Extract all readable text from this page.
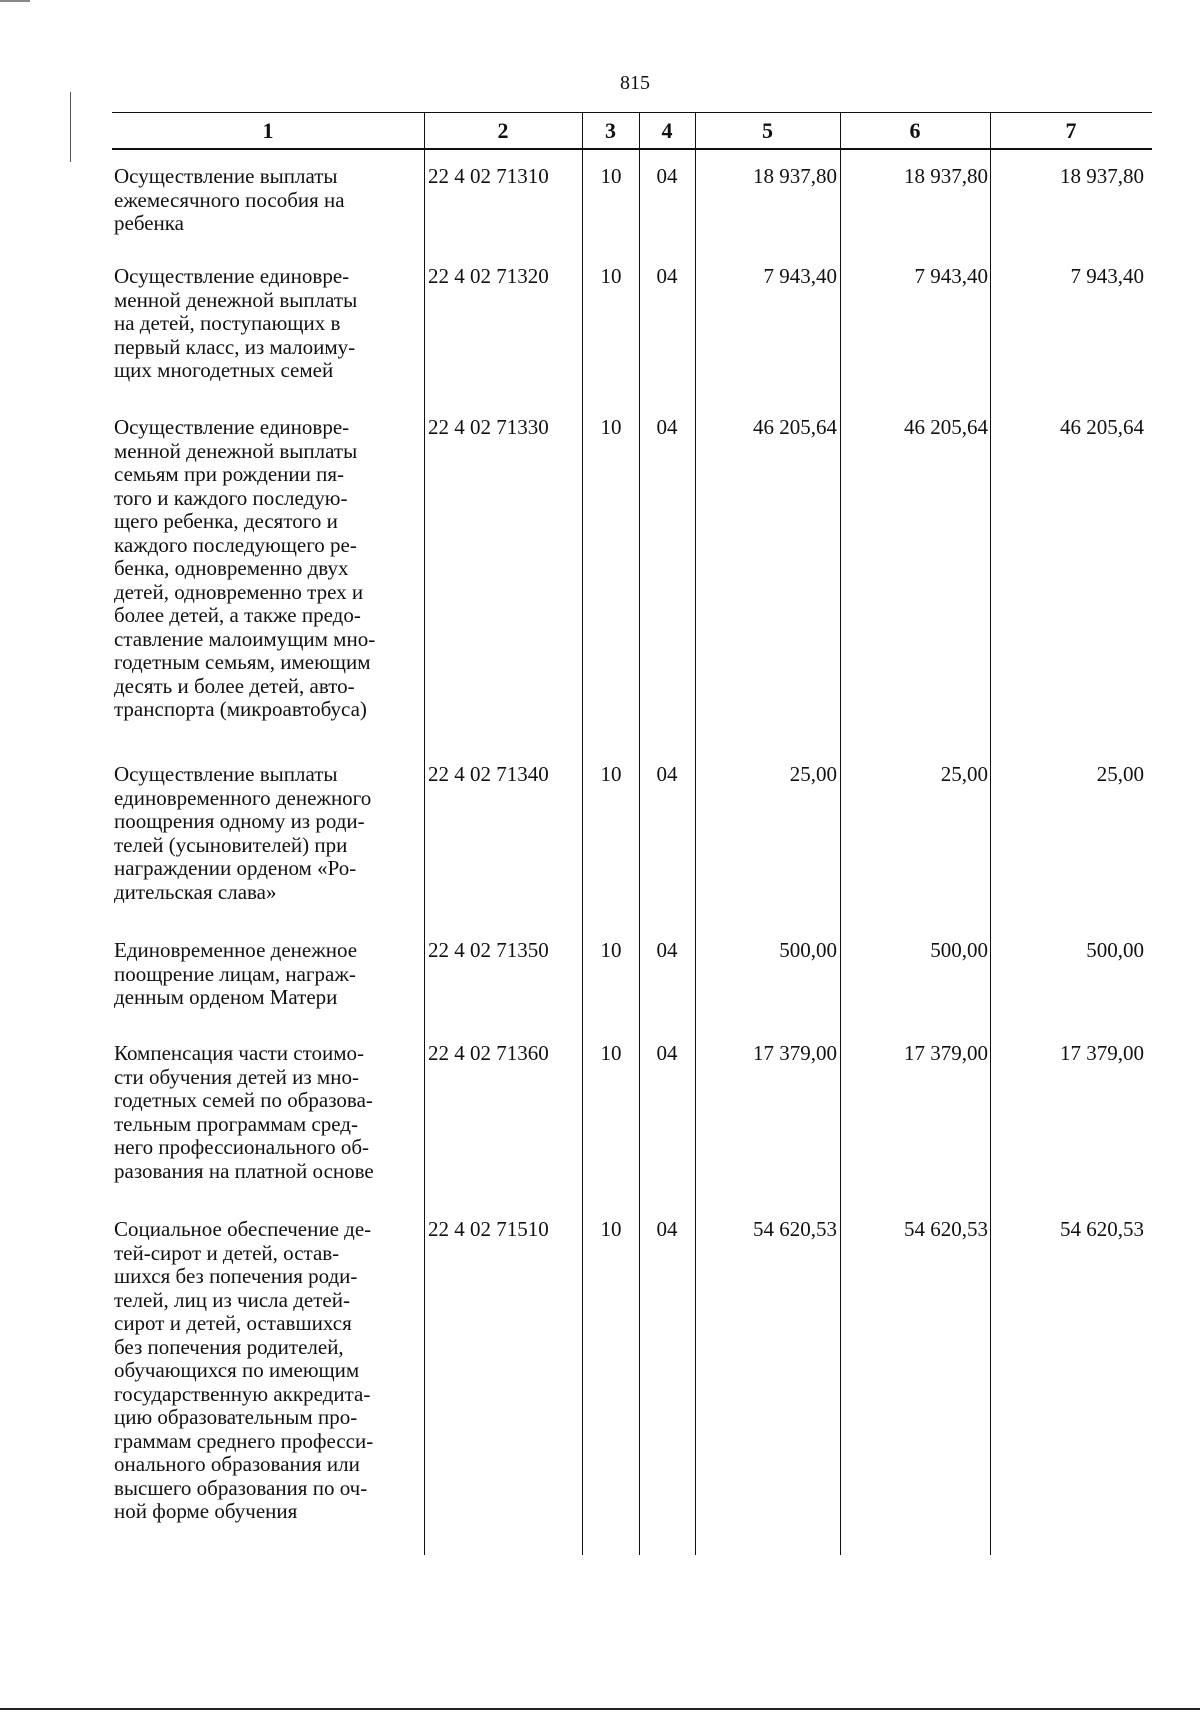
815
1	2	3	4	5	6	7
Осуществление выплаты
ежемесячного пособия на
ребенка
22 4 02 71310	10	04	18 937,80	18 937,80	18 937,80
Осуществление единовре-
менной денежной выплаты
на детей, поступающих в
первый класс, из малоиму-
щих многодетных семей
22 4 02 71320	10	04	7 943,40	7 943,40	7 943,40
Осуществление единовре-
менной денежной выплаты
семьям при рождении пя-
того и каждого последую-
щего ребенка, десятого и
каждого последующего ре-
бенка, одновременно двух
детей, одновременно трех и
более детей, а также предо-
ставление малоимущим мно-
годетным семьям, имеющим
десять и более детей, авто-
транспорта (микроавтобуса)
22 4 02 71330	10	04	46 205,64	46 205,64	46 205,64
Осуществление выплаты
единовременного денежного
поощрения одному из роди-
телей (усыновителей) при
награждении орденом «Ро-
дительская слава»
22 4 02 71340	10	04	25,00	25,00	25,00
Единовременное денежное
поощрение лицам, награж-
денным орденом Матери
22 4 02 71350	10	04	500,00	500,00	500,00
Компенсация части стоимо-
сти обучения детей из мно-
годетных семей по образова-
тельным программам сред-
него профессионального об-
разования на платной основе
22 4 02 71360	10	04	17 379,00	17 379,00	17 379,00
Социальное обеспечение де-
тей-сирот и детей, остав-
шихся без попечения роди-
телей, лиц из числа детей-
сирот и детей, оставшихся
без попечения родителей,
обучающихся по имеющим
государственную аккредита-
цию образовательным про-
граммам среднего професси-
онального образования или
высшего образования по оч-
ной форме обучения
22 4 02 71510	10	04	54 620,53	54 620,53	54 620,53
